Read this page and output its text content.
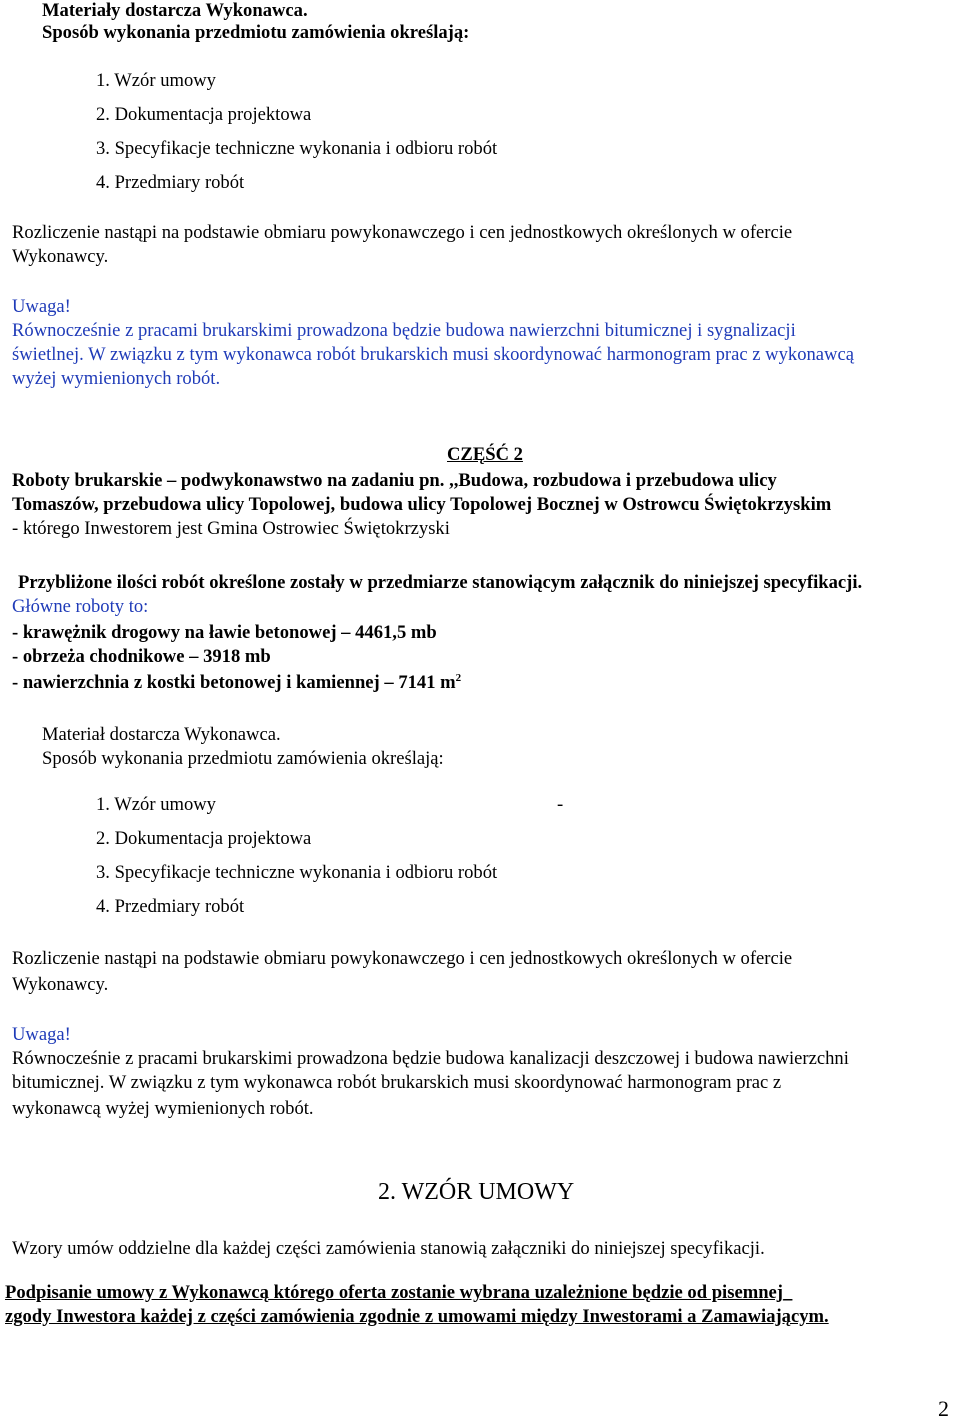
Materiały dostarcza Wykonawca.
Sposób wykonania przedmiotu zamówienia określają:
1. Wzór umowy
2. Dokumentacja projektowa
3. Specyfikacje techniczne wykonania i odbioru robót
4. Przedmiary robót
Rozliczenie nastąpi na podstawie obmiaru powykonawczego i cen jednostkowych określonych w ofercie
Wykonawcy.
Uwaga!
Równocześnie z pracami brukarskimi prowadzona będzie budowa nawierzchni bitumicznej i sygnalizacji
świetlnej. W związku z tym wykonawca robót brukarskich musi skoordynować harmonogram prac z wykonawcą
wyżej wymienionych robót.
CZĘŚĆ 2
Roboty brukarskie – podwykonawstwo na zadaniu pn. ,,Budowa, rozbudowa i przebudowa ulicy
Tomaszów, przebudowa ulicy Topolowej, budowa ulicy Topolowej Bocznej w Ostrowcu Świętokrzyskim
- którego Inwestorem jest Gmina Ostrowiec Świętokrzyski
Przybliżone ilości robót określone zostały w przedmiarze stanowiącym załącznik do niniejszej specyfikacji.
Główne roboty to:
- krawężnik drogowy na ławie betonowej – 4461,5 mb
- obrzeża chodnikowe – 3918 mb
- nawierzchnia z kostki betonowej i kamiennej – 7141 $m^2$
Materiał dostarcza Wykonawca.
Sposób wykonania przedmiotu zamówienia określają:
1. Wzór umowy	-
2. Dokumentacja projektowa
3. Specyfikacje techniczne wykonania i odbioru robót
4. Przedmiary robót
Rozliczenie nastąpi na podstawie obmiaru powykonawczego i cen jednostkowych określonych w ofercie
Wykonawcy.
Uwaga!
Równocześnie z pracami brukarskimi prowadzona będzie budowa kanalizacji deszczowej i budowa nawierzchni
bitumicznej. W związku z tym wykonawca robót brukarskich musi skoordynować harmonogram prac z
wykonawcą wyżej wymienionych robót.
2. WZÓR UMOWY
Wzory umów oddzielne dla każdej części zamówienia stanowią załączniki do niniejszej specyfikacji.
Podpisanie umowy z Wykonawcą którego oferta zostanie wybrana uzależnione będzie od pisemnej_
zgody Inwestora każdej z części zamówienia zgodnie z umowami między Inwestorami a Zamawiającym.
2
